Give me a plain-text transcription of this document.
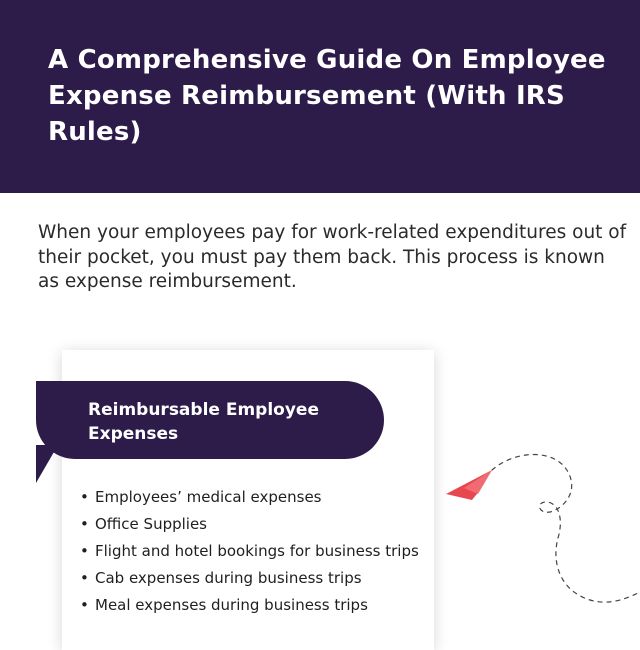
A Comprehensive Guide On Employee Expense Reimbursement (With IRS Rules)

When your employees pay for work-related expenditures out of their pocket, you must pay them back. This process is known as expense reimbursement.

Reimbursable Employee Expenses
• Employees’ medical expenses
• Office Supplies
• Flight and hotel bookings for business trips
• Cab expenses during business trips
• Meal expenses during business trips
